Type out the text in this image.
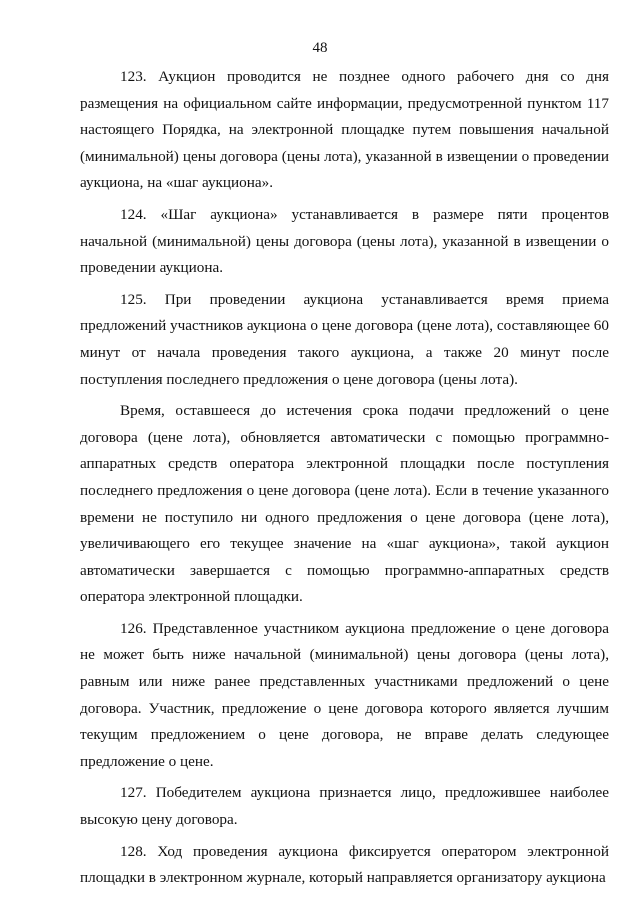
48

123. Аукцион проводится не позднее одного рабочего дня со дня размещения на официальном сайте информации, предусмотренной пунктом 117 настоящего Порядка, на электронной площадке путем повышения начальной (минимальной) цены договора (цены лота), указанной в извещении о проведении аукциона, на «шаг аукциона».

124. «Шаг аукциона» устанавливается в размере пяти процентов начальной (минимальной) цены договора (цены лота), указанной в извещении о проведении аукциона.

125. При проведении аукциона устанавливается время приема предложений участников аукциона о цене договора (цене лота), составляющее 60 минут от начала проведения такого аукциона, а также 20 минут после поступления последнего предложения о цене договора (цены лота).

Время, оставшееся до истечения срока подачи предложений о цене договора (цене лота), обновляется автоматически с помощью программно-аппаратных средств оператора электронной площадки после поступления последнего предложения о цене договора (цене лота). Если в течение указанного времени не поступило ни одного предложения о цене договора (цене лота), увеличивающего его текущее значение на «шаг аукциона», такой аукцион автоматически завершается с помощью программно-аппаратных средств оператора электронной площадки.

126. Представленное участником аукциона предложение о цене договора не может быть ниже начальной (минимальной) цены договора (цены лота), равным или ниже ранее представленных участниками предложений о цене договора. Участник, предложение о цене договора которого является лучшим текущим предложением о цене договора, не вправе делать следующее предложение о цене.

127. Победителем аукциона признается лицо, предложившее наиболее высокую цену договора.

128. Ход проведения аукциона фиксируется оператором электронной площадки в электронном журнале, который направляется организатору аукциона
